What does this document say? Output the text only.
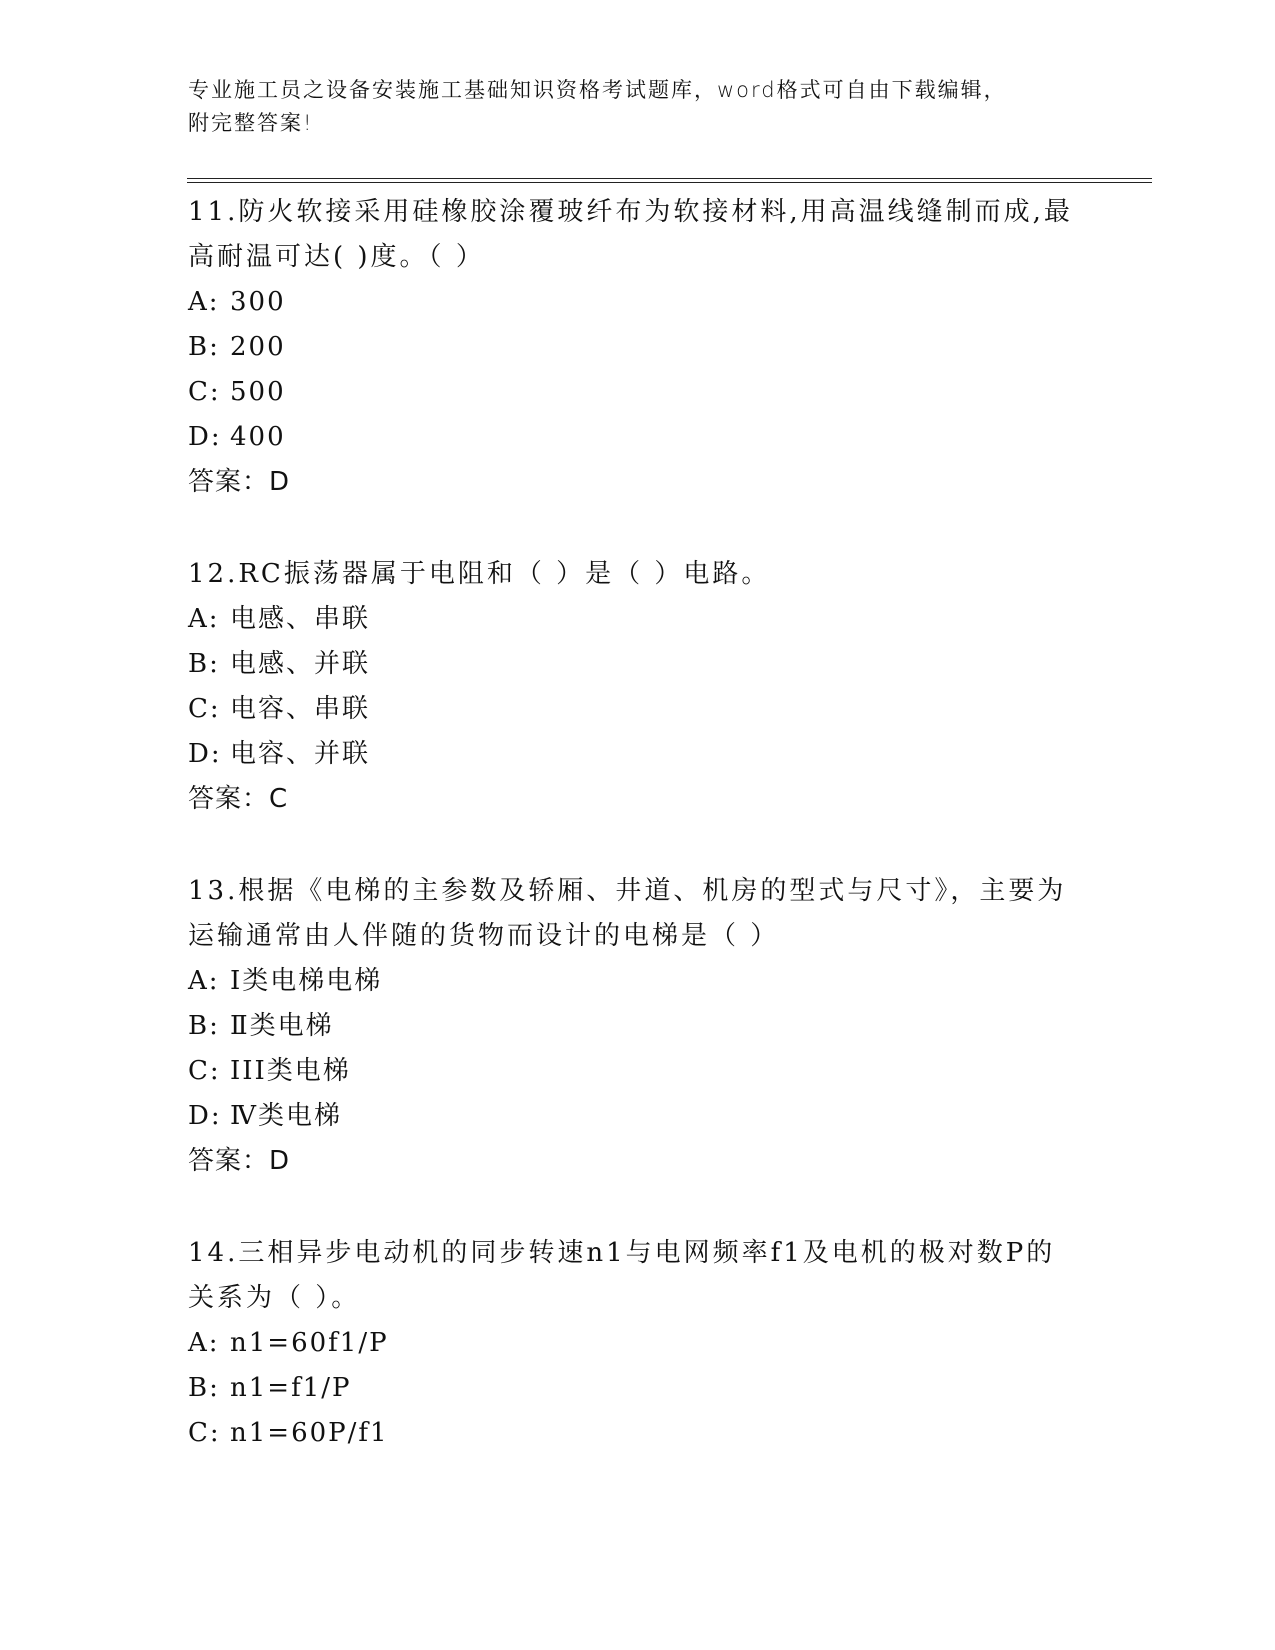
专业施工员之设备安装施工基础知识资格考试题库，word格式可自由下载编辑，
附完整答案!

11.防火软接采用硅橡胶涂覆玻纤布为软接材料,用高温线缝制而成,最

高耐温可达( )度。（ ）

A: 300

B: 200

C: 500

D: 400

答案：D

12.RC振荡器属于电阻和（ ）是（ ）电路。

A: 电感、串联

B: 电感、并联

C: 电容、串联

D: 电容、并联

答案：C

13.根据《电梯的主参数及轿厢、井道、机房的型式与尺寸》，主要为

运输通常由人伴随的货物而设计的电梯是（ ）

A: Ⅰ类电梯电梯

B: Ⅱ类电梯

C: III类电梯

D: Ⅳ类电梯

答案：D

14.三相异步电动机的同步转速n1与电网频率f1及电机的极对数P的

关系为（ ）。

A: n1=60f1/P

B: n1=f1/P

C: n1=60P/f1
